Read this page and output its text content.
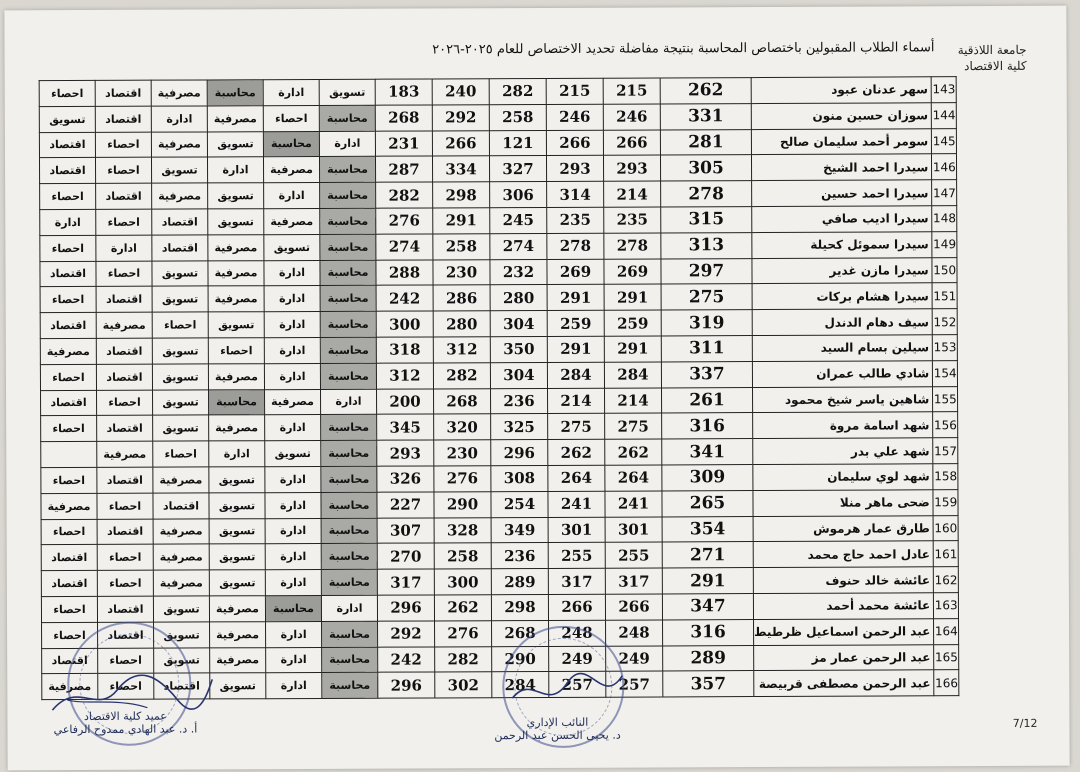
جامعة اللاذقية
كلية الاقتصاد
أسماء الطلاب المقبولين باختصاص المحاسبة بنتيجة مفاضلة تحديد الاختصاص للعام ٢٠٢٥-٢٠٢٦
143	سهر عدنان عبود	262	215	215	282	240	183	تسويق	ادارة	محاسبة	مصرفية	اقتصاد	احصاء
144	سوزان حسين منون	331	246	246	258	292	268	محاسبة	احصاء	مصرفية	ادارة	اقتصاد	تسويق
145	سومر أحمد سليمان صالح	281	266	266	121	266	231	ادارة	محاسبة	تسويق	مصرفية	احصاء	اقتصاد
146	سيدرا احمد الشيخ	305	293	293	327	334	287	محاسبة	مصرفية	ادارة	تسويق	احصاء	اقتصاد
147	سيدرا احمد حسين	278	214	314	306	298	282	محاسبة	ادارة	تسويق	مصرفية	اقتصاد	احصاء
148	سيدرا اديب صافي	315	235	235	245	291	276	محاسبة	مصرفية	تسويق	اقتصاد	احصاء	ادارة
149	سيدرا سموئل كحيلة	313	278	278	274	258	274	محاسبة	تسويق	مصرفية	اقتصاد	ادارة	احصاء
150	سيدرا مازن غدير	297	269	269	232	230	288	محاسبة	ادارة	مصرفية	تسويق	احصاء	اقتصاد
151	سيدرا هشام بركات	275	291	291	280	286	242	محاسبة	ادارة	مصرفية	تسويق	اقتصاد	احصاء
152	سيف دهام الدندل	319	259	259	304	280	300	محاسبة	ادارة	تسويق	احصاء	مصرفية	اقتصاد
153	سيلين بسام السيد	311	291	291	350	312	318	محاسبة	ادارة	احصاء	تسويق	اقتصاد	مصرفية
154	شادي طالب عمران	337	284	284	304	282	312	محاسبة	ادارة	مصرفية	تسويق	اقتصاد	احصاء
155	شاهين ياسر شيخ محمود	261	214	214	236	268	200	ادارة	مصرفية	محاسبة	تسويق	احصاء	اقتصاد
156	شهد اسامة مروة	316	275	275	325	320	345	محاسبة	ادارة	مصرفية	تسويق	اقتصاد	احصاء
157	شهد علي بدر	341	262	262	296	230	293	محاسبة	تسويق	ادارة	احصاء	مصرفية	
158	شهد لوي سليمان	309	264	264	308	276	326	محاسبة	ادارة	تسويق	مصرفية	اقتصاد	احصاء
159	ضحى ماهر منلا	265	241	241	254	290	227	محاسبة	ادارة	تسويق	اقتصاد	احصاء	مصرفية
160	طارق عمار هرموش	354	301	301	349	328	307	محاسبة	ادارة	تسويق	مصرفية	اقتصاد	احصاء
161	عادل احمد حاج محمد	271	255	255	236	258	270	محاسبة	ادارة	تسويق	مصرفية	احصاء	اقتصاد
162	عائشة خالد حنوف	291	317	317	289	300	317	محاسبة	ادارة	تسويق	مصرفية	احصاء	اقتصاد
163	عائشة محمد أحمد	347	266	266	298	262	296	ادارة	محاسبة	مصرفية	تسويق	اقتصاد	احصاء
164	عبد الرحمن اسماعيل ظرطيط	316	248	248	268	276	292	محاسبة	ادارة	مصرفية	تسويق	اقتصاد	احصاء
165	عبد الرحمن عمار مز	289	249	249	290	282	242	محاسبة	ادارة	مصرفية	تسويق	احصاء	اقتصاد
166	عبد الرحمن مصطفى قربيصة	357	257	257	284	302	296	محاسبة	ادارة	تسويق	اقتصاد	احصاء	مصرفية
عميد كلية الاقتصاد
أ. د. عبد الهادي ممدوح الرفاعي
النائب الإداري
د. يحيى الحسن عبد الرحمن
7/12
